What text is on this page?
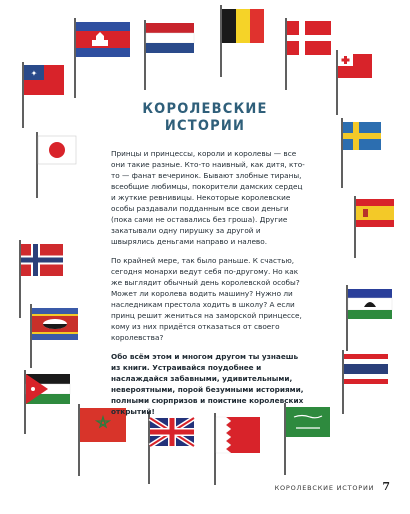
✦
КОРОЛЕВСКИЕ
ИСТОРИИ

Принцы и принцессы, короли и королевы — все они такие разные. Кто-то наивный, как дитя, кто-то — фанат вечеринок. Бывают злобные тираны, всеобщие любимцы, покорители дамских сердец и жуткие ревнивицы. Некоторые королевские особы раздавали подданным все свои деньги (пока сами не оставались без гроша). Другие закатывали одну пирушку за другой и швырялись деньгами направо и налево.

По крайней мере, так было раньше. К счастью, сегодня монархи ведут себя по-другому. Но как же выглядит обычный день королевской особы? Может ли королева водить машину? Нужно ли наследникам престола ходить в школу? А если принц решит жениться на заморской принцессе, кому из них придётся отказаться от своего королевства?

Обо всём этом и многом другом ты узнаешь из книги. Устраивайся поудобнее и наслаждайся забавными, удивительными, невероятными, порой безумными историями, полными сюрпризов и поистине королевских открытий!

КОРОЛЕВСКИЕ ИСТОРИИ 7
